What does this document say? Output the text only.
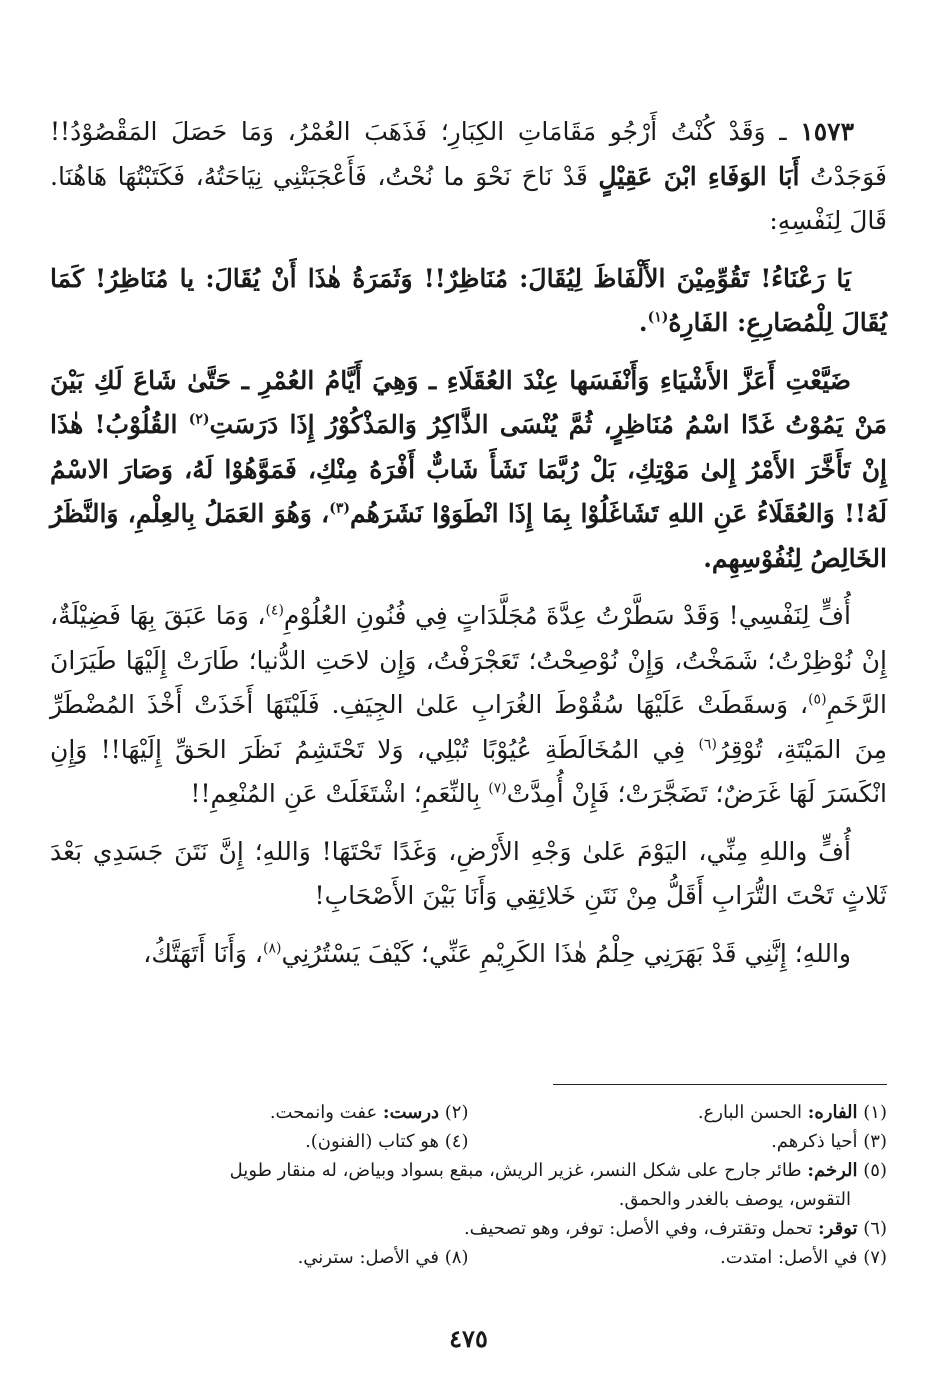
١٥٧٣ ـ وَقَدْ كُنْتُ أَرْجُو مَقَامَاتِ الكِبَارِ؛ فَذَهَبَ العُمْرُ، وَمَا حَصَلَ المَقْصُوْدُ!! فَوَجَدْتُ أَبَا الوَفَاءِ ابْنَ عَقِيْلٍ قَدْ نَاحَ نَحْوَ ما نُحْتُ، فَأَعْجَبَتْنِي نِيَاحَتُهُ، فَكَتَبْتُهَا هَاهُنَا. قَالَ لِنَفْسِهِ:

يَا رَعْنَاءُ! تَقُوِّمِيْنَ الأَلْفَاظَ لِيُقَالَ: مُنَاظِرٌ!! وَثَمَرَةُ هٰذَا أَنْ يُقَالَ: يا مُنَاظِرُ! كَمَا يُقَالَ لِلْمُصَارِعِ: الفَارِهُ$^{(١)}$.

ضَيَّعْتِ أَعَزَّ الأَشْيَاءِ وَأَنْفَسَها عِنْدَ العُقَلَاءِ ـ وَهِيَ أَيَّامُ العُمْرِ ـ حَتَّىٰ شَاعَ لَكِ بَيْنَ مَنْ يَمُوْتُ غَدًا اسْمُ مُنَاظِرٍ، ثُمَّ يُنْسَى الذَّاكِرُ وَالمَذْكُوْرُ إِذَا دَرَسَتِ$^{(٢)}$ القُلُوْبُ! هٰذَا إِنْ تَأَخَّرَ الأَمْرُ إِلىٰ مَوْتِكِ، بَلْ رُبَّمَا نَشَأَ شَابٌّ أَفْرَهُ مِنْكِ، فَمَوَّهُوْا لَهُ، وَصَارَ الاسْمُ لَهُ!! وَالعُقَلَاءُ عَنِ اللهِ تَشَاغَلُوْا بِمَا إِذَا انْطَوَوْا نَشَرَهُم$^{(٣)}$، وَهُوَ العَمَلُ بِالعِلْمِ، وَالنَّظَرُ الخَالِصُ لِنُفُوْسِهِم.

أُفٍّ لِنَفْسِي! وَقَدْ سَطَّرْتُ عِدَّةَ مُجَلَّدَاتٍ فِي فُنُونِ العُلُوْمِ$^{(٤)}$، وَمَا عَبَقَ بِهَا فَضِيْلَةٌ، إِنْ نُوْظِرْتُ؛ شَمَخْتُ، وَإِنْ نُوْصِحْتُ؛ تَعَجْرَفْتُ، وَإِن لاحَتِ الدُّنيا؛ طَارَتْ إِلَيْهَا طَيَرَانَ الرَّخَمِ$^{(٥)}$، وَسقَطَتْ عَلَيْهَا سُقُوْطَ الغُرَابِ عَلىٰ الجِيَفِ. فَلَيْتَهَا أَخَذَتْ أَخْذَ المُضْطَرِّ مِنَ المَيْتَةِ، تُوْقِرُ$^{(٦)}$ فِي المُخَالَطَةِ عُيُوْبًا تُبْلِي، وَلا تَحْتَشِمُ نَظَرَ الحَقِّ إِلَيْهَا!! وَإِنِ انْكَسَرَ لَهَا غَرَضٌ؛ تَضَجَّرَتْ؛ فَإِنْ أُمِدَّتْ$^{(٧)}$ بِالنِّعَمِ؛ اشْتَغَلَتْ عَنِ المُنْعِمِ!!

أُفٍّ واللهِ مِنِّي، اليَوْمَ عَلىٰ وَجْهِ الأَرْضِ، وَغَدًا تَحْتَهَا! وَاللهِ؛ إِنَّ نَتَنَ جَسَدِي بَعْدَ ثَلاثٍ تَحْتَ التُّرَابِ أَقَلُّ مِنْ نَتَنِ خَلائِقِي وَأَنَا بَيْنَ الأَصْحَابِ!

واللهِ؛ إِنَّنِي قَدْ بَهَرَنِي حِلْمُ هٰذَا الكَرِيْمِ عَنِّي؛ كَيْفَ يَسْتُرُنِي$^{(٨)}$، وَأَنَا أَتَهَتَّكُ،

(١) الفاره: الحسن البارع.
(٢) درست: عفت وانمحت.
(٣) أحيا ذكرهم.
(٤) هو كتاب (الفنون).
(٥) الرخم: طائر جارح على شكل النسر، غزير الريش، مبقع بسواد وبياض، له منقار طويل
التقوس، يوصف بالغدر والحمق.
(٦) توقر: تحمل وتقترف، وفي الأصل: توفر، وهو تصحيف.
(٧) في الأصل: امتدت.
(٨) في الأصل: سترني.
٤٧٥
